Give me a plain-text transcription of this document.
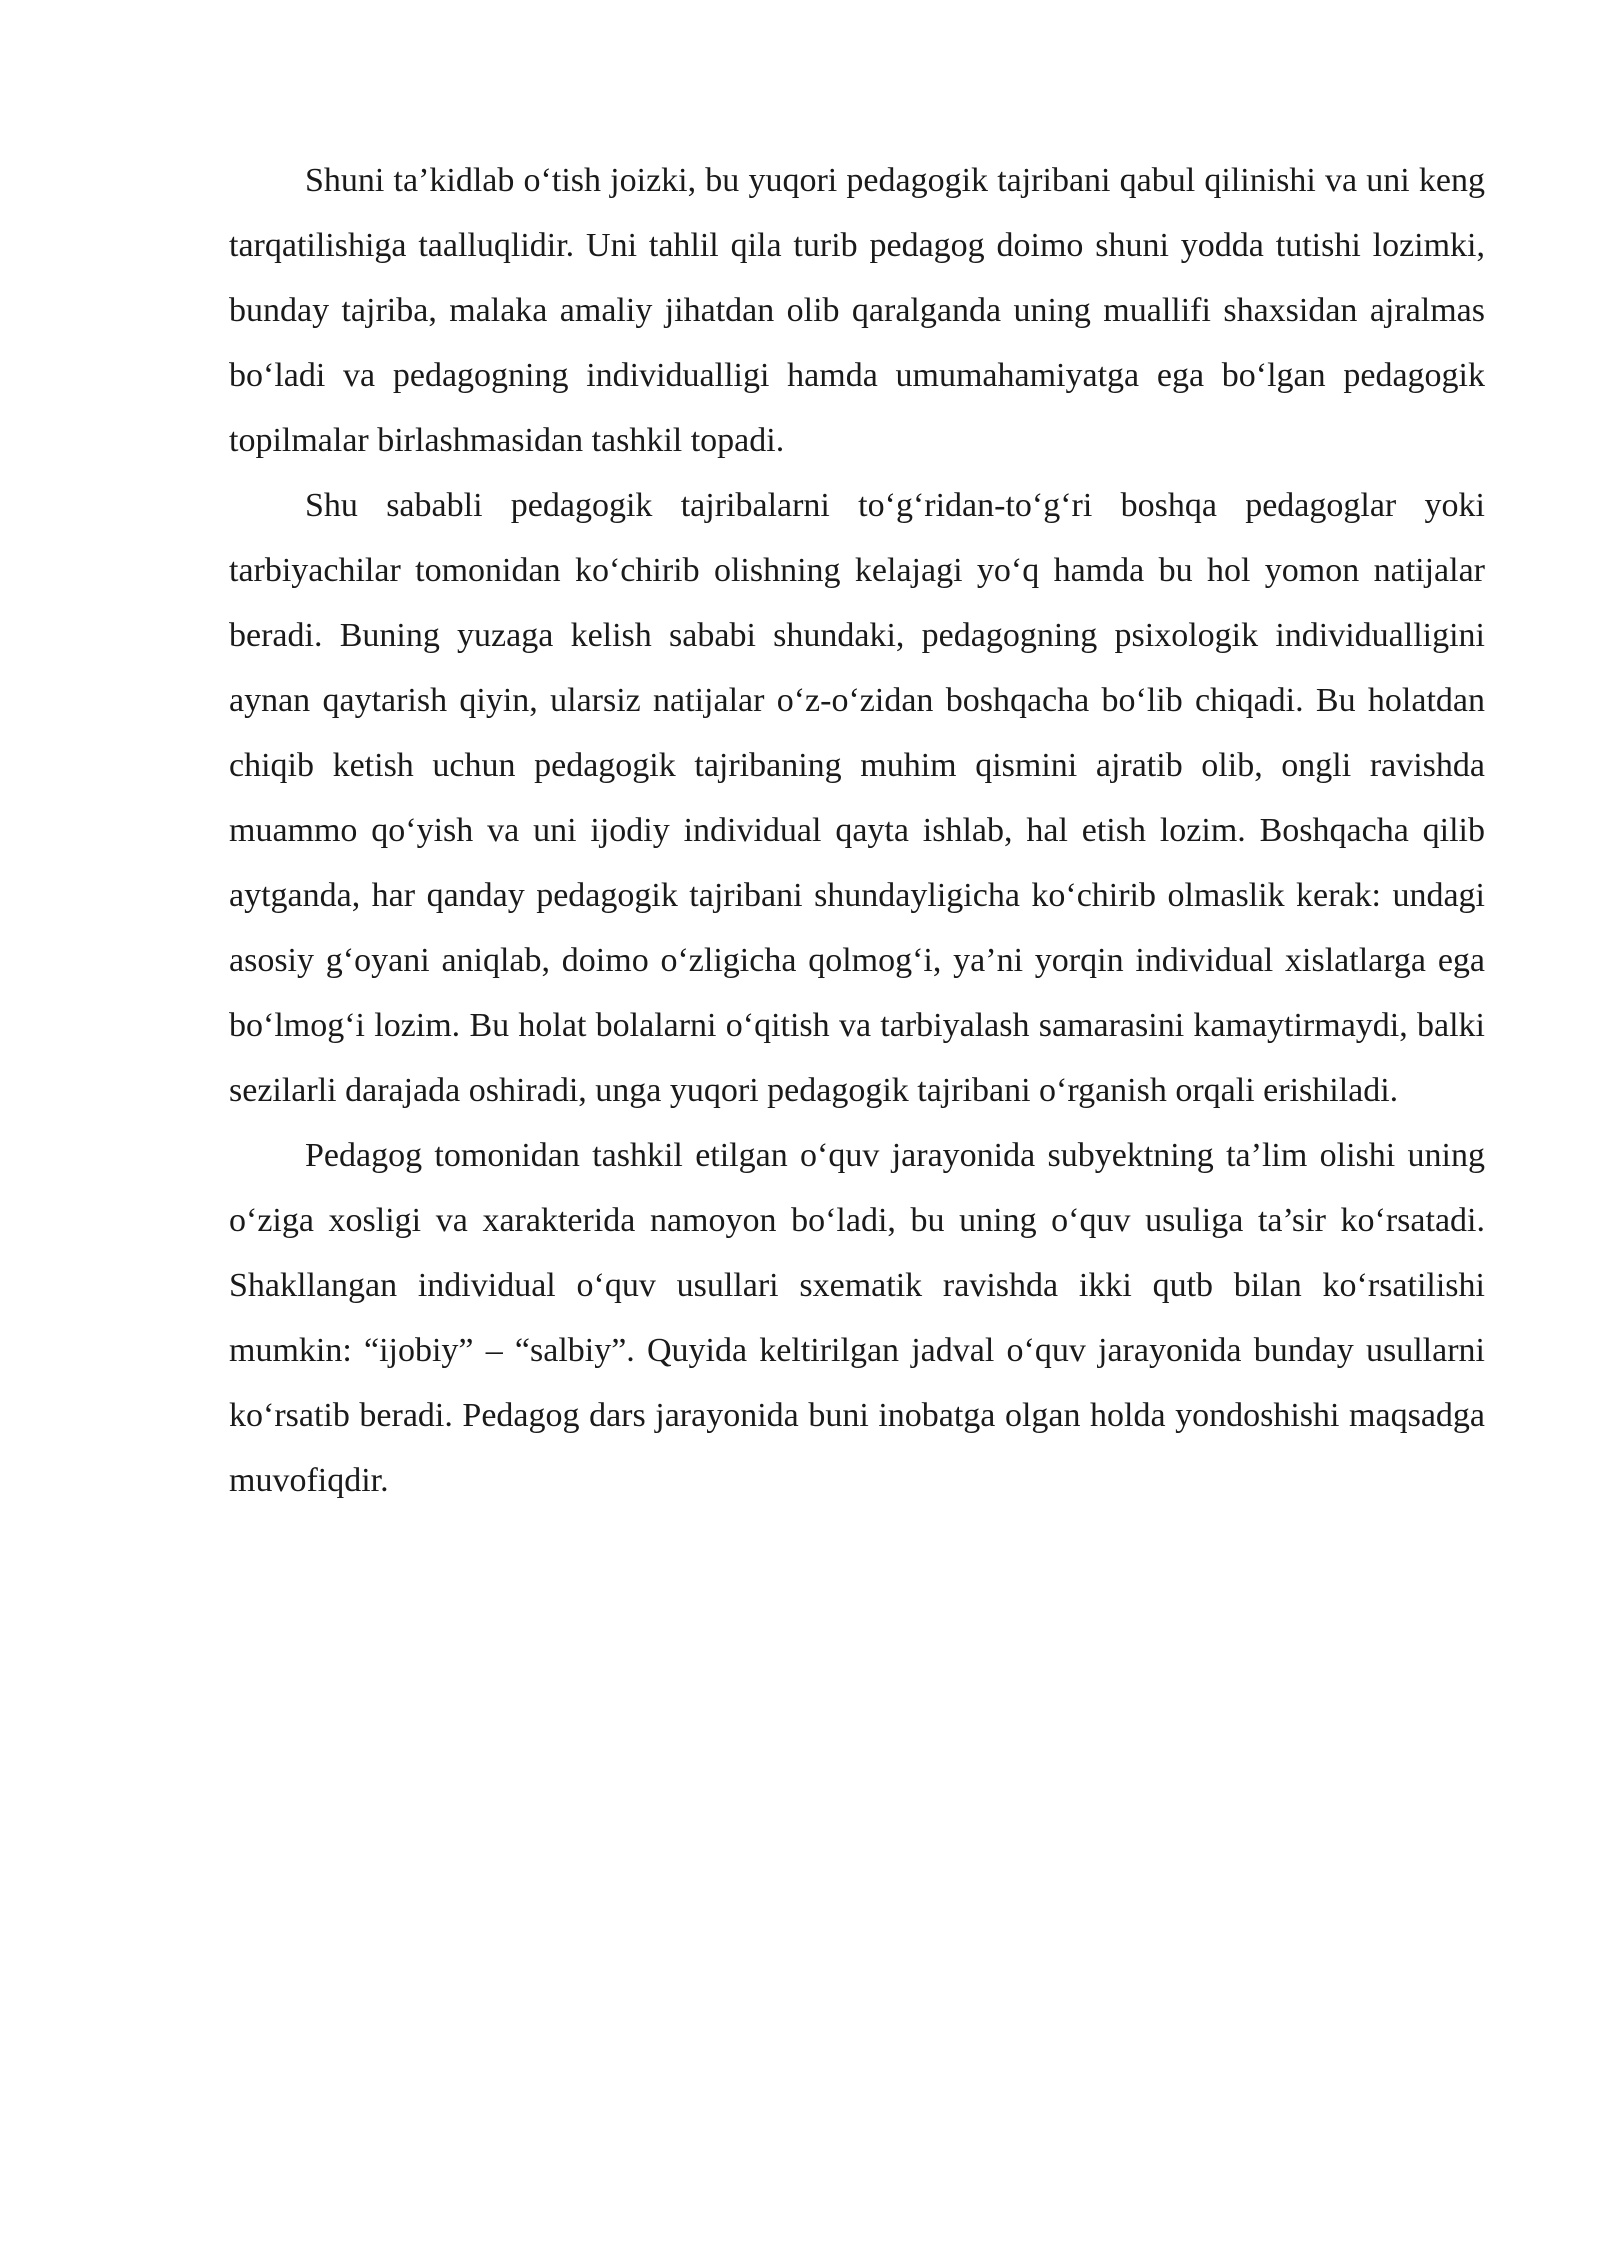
Shuni ta’kidlab o‘tish joizki, bu yuqori pedagogik tajribani qabul qilinishi va uni keng tarqatilishiga taalluqlidir. Uni tahlil qila turib pedagog doimo shuni yodda tutishi lozimki, bunday tajriba, malaka amaliy jihatdan olib qaralganda uning muallifi shaxsidan ajralmas bo‘ladi va pedagogning individualligi hamda umumahamiyatga ega bo‘lgan pedagogik topilmalar birlashmasidan tashkil topadi.

Shu sababli pedagogik tajribalarni to‘g‘ridan-to‘g‘ri boshqa pedagoglar yoki tarbiyachilar tomonidan ko‘chirib olishning kelajagi yo‘q hamda bu hol yomon natijalar beradi. Buning yuzaga kelish sababi shundaki, pedagogning psixologik individualligini aynan qaytarish qiyin, ularsiz natijalar o‘z-o‘zidan boshqacha bo‘lib chiqadi. Bu holatdan chiqib ketish uchun pedagogik tajribaning muhim qismini ajratib olib, ongli ravishda muammo qo‘yish va uni ijodiy individual qayta ishlab, hal etish lozim. Boshqacha qilib aytganda, har qanday pedagogik tajribani shundayligicha ko‘chirib olmaslik kerak: undagi asosiy g‘oyani aniqlab, doimo o‘zligicha qolmog‘i, ya’ni yorqin individual xislatlarga ega bo‘lmog‘i lozim. Bu holat bolalarni o‘qitish va tarbiyalash samarasini kamaytirmaydi, balki sezilarli darajada oshiradi, unga yuqori pedagogik tajribani o‘rganish orqali erishiladi.

Pedagog tomonidan tashkil etilgan o‘quv jarayonida subyektning ta’lim olishi uning o‘ziga xosligi va xarakterida namoyon bo‘ladi, bu uning o‘quv usuliga ta’sir ko‘rsatadi. Shakllangan individual o‘quv usullari sxematik ravishda ikki qutb bilan ko‘rsatilishi mumkin: “ijobiy” – “salbiy”. Quyida keltirilgan jadval o‘quv jarayonida bunday usullarni ko‘rsatib beradi. Pedagog dars jarayonida buni inobatga olgan holda yondoshishi maqsadga muvofiqdir.
